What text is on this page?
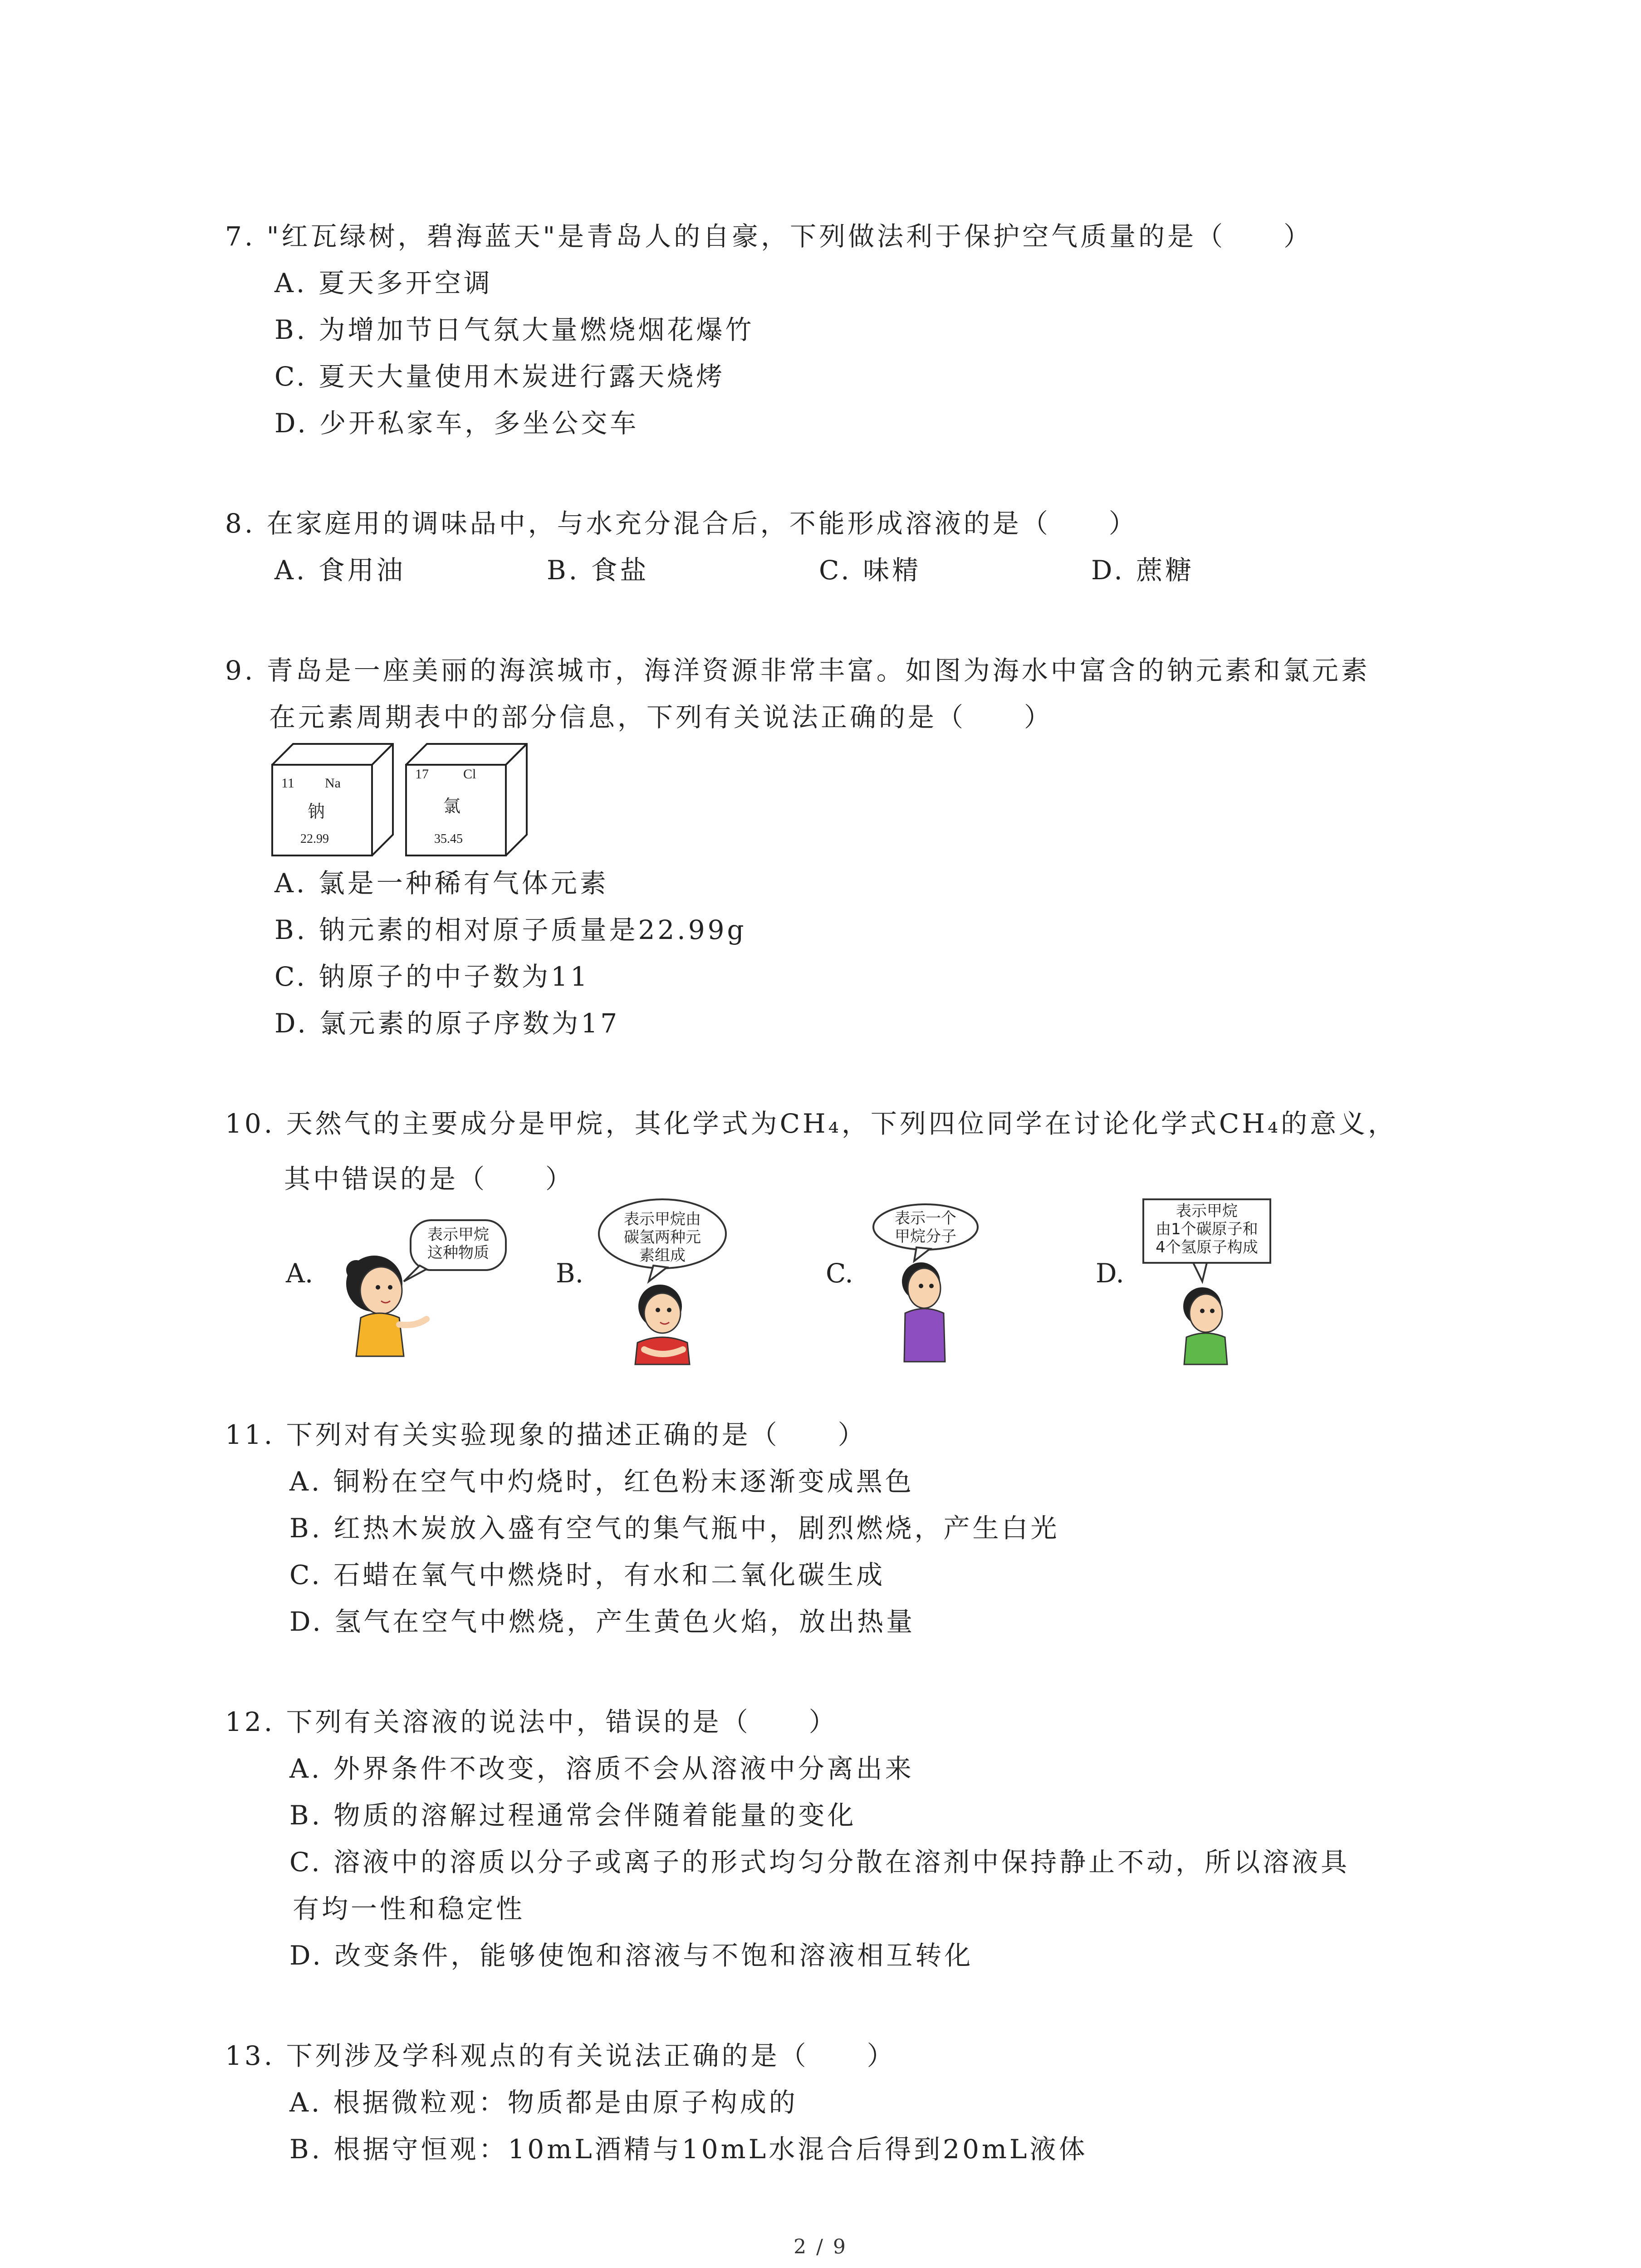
7. "红瓦绿树，碧海蓝天"是青岛人的自豪，下列做法利于保护空气质量的是（　　）
A. 夏天多开空调
B. 为增加节日气氛大量燃烧烟花爆竹
C. 夏天大量使用木炭进行露天烧烤
D. 少开私家车，多坐公交车
8. 在家庭用的调味品中，与水充分混合后，不能形成溶液的是（　　）
A. 食用油	B. 食盐	C. 味精	D. 蔗糖
9. 青岛是一座美丽的海滨城市，海洋资源非常丰富。如图为海水中富含的钠元素和氯元素
在元素周期表中的部分信息，下列有关说法正确的是（　　）
11 Na
钠
22.99
17	Cl
氯
35.45
A. 氯是一种稀有气体元素
B. 钠元素的相对原子质量是22.99g
C. 钠原子的中子数为11
D. 氯元素的原子序数为17
10. 天然气的主要成分是甲烷，其化学式为CH₄，下列四位同学在讨论化学式CH₄的意义，
其中错误的是（　　）
A.
表示甲烷
这种物质
B.
表示甲烷由
碳氢两种元
素组成
C.
表示一个
甲烷分子
D.
表示甲烷
由1个碳原子和
4个氢原子构成
11. 下列对有关实验现象的描述正确的是（　　）
A. 铜粉在空气中灼烧时，红色粉末逐渐变成黑色
B. 红热木炭放入盛有空气的集气瓶中，剧烈燃烧，产生白光
C. 石蜡在氧气中燃烧时，有水和二氧化碳生成
D. 氢气在空气中燃烧，产生黄色火焰，放出热量
12. 下列有关溶液的说法中，错误的是（　　）
A. 外界条件不改变，溶质不会从溶液中分离出来
B. 物质的溶解过程通常会伴随着能量的变化
C. 溶液中的溶质以分子或离子的形式均匀分散在溶剂中保持静止不动，所以溶液具
有均一性和稳定性
D. 改变条件，能够使饱和溶液与不饱和溶液相互转化
13. 下列涉及学科观点的有关说法正确的是（　　）
A. 根据微粒观：物质都是由原子构成的
B. 根据守恒观：10mL酒精与10mL水混合后得到20mL液体
2 / 9
